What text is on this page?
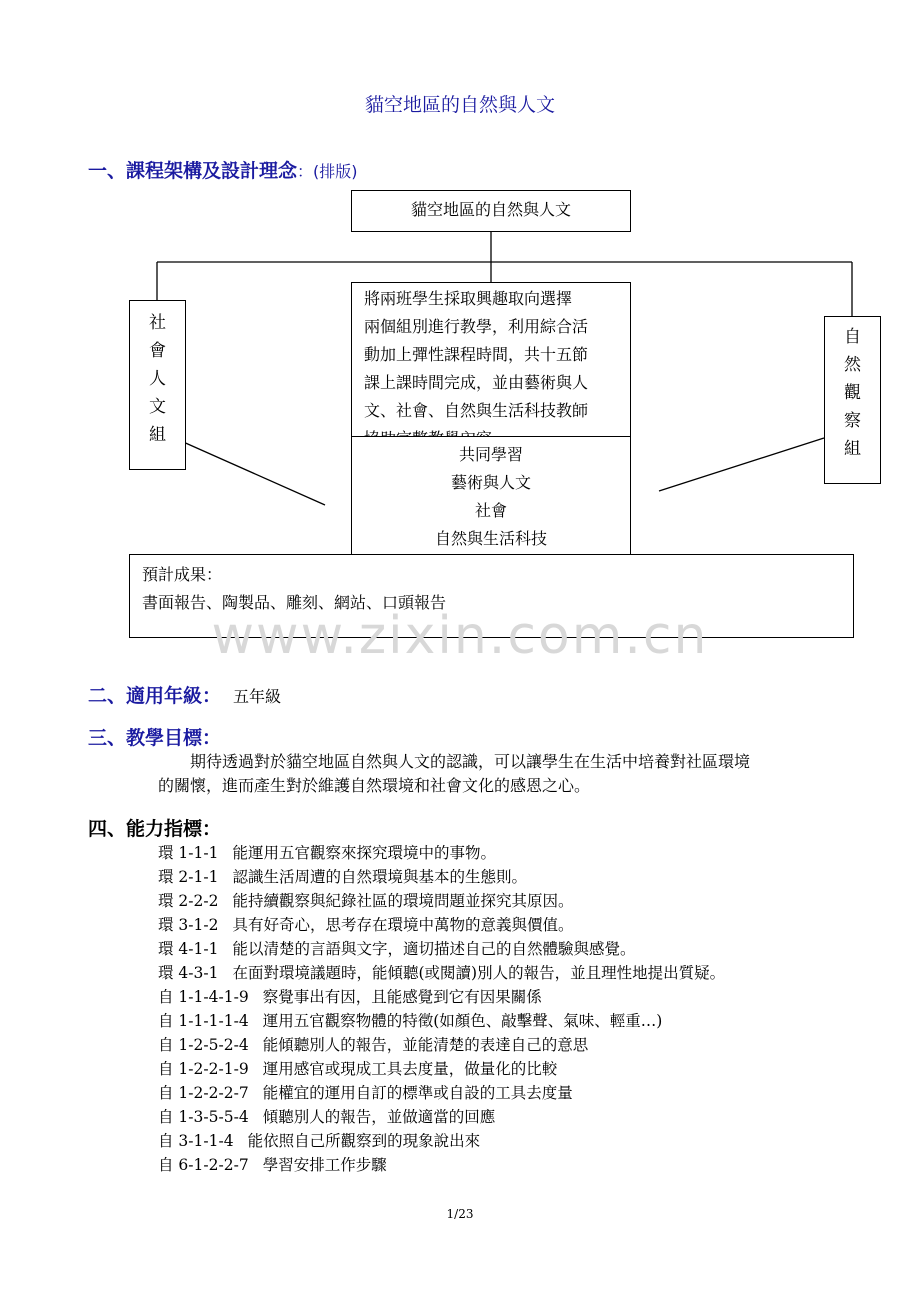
貓空地區的自然與人文
一、課程架構及設計理念：(排版)
貓空地區的自然與人文
社
會
人
文
組
自
然
觀
察
組
將兩班學生採取興趣取向選擇
兩個組別進行教學，利用綜合活
動加上彈性課程時間，共十五節
課上課時間完成，並由藝術與人
文、社會、自然與生活科技教師
共同學習
藝術與人文
社會
自然與生活科技
預計成果：
書面報告、陶製品、雕刻、網站、口頭報告
www.zixin.com.cn
二、適用年級： 五年級
三、教學目標：
期待透過對於貓空地區自然與人文的認識，可以讓學生在生活中培養對社區環境
的關懷，進而產生對於維護自然環境和社會文化的感恩之心。
四、能力指標：
環 1-1-1 能運用五官觀察來探究環境中的事物。
環 2-1-1 認識生活周遭的自然環境與基本的生態則。
環 2-2-2 能持續觀察與紀錄社區的環境問題並探究其原因。
環 3-1-2 具有好奇心，思考存在環境中萬物的意義與價值。
環 4-1-1 能以清楚的言語與文字，適切描述自己的自然體驗與感覺。
環 4-3-1 在面對環境議題時，能傾聽(或閱讀)別人的報告，並且理性地提出質疑。
自 1-1-4-1-9 察覺事出有因，且能感覺到它有因果關係
自 1-1-1-1-4 運用五官觀察物體的特徵(如顏色、敲擊聲、氣味、輕重…)
自 1-2-5-2-4 能傾聽別人的報告，並能清楚的表達自己的意思
自 1-2-2-1-9 運用感官或現成工具去度量，做量化的比較
自 1-2-2-2-7 能權宜的運用自訂的標準或自設的工具去度量
自 1-3-5-5-4 傾聽別人的報告，並做適當的回應
自 3-1-1-4 能依照自己所觀察到的現象說出來
自 6-1-2-2-7 學習安排工作步驟
1/23
